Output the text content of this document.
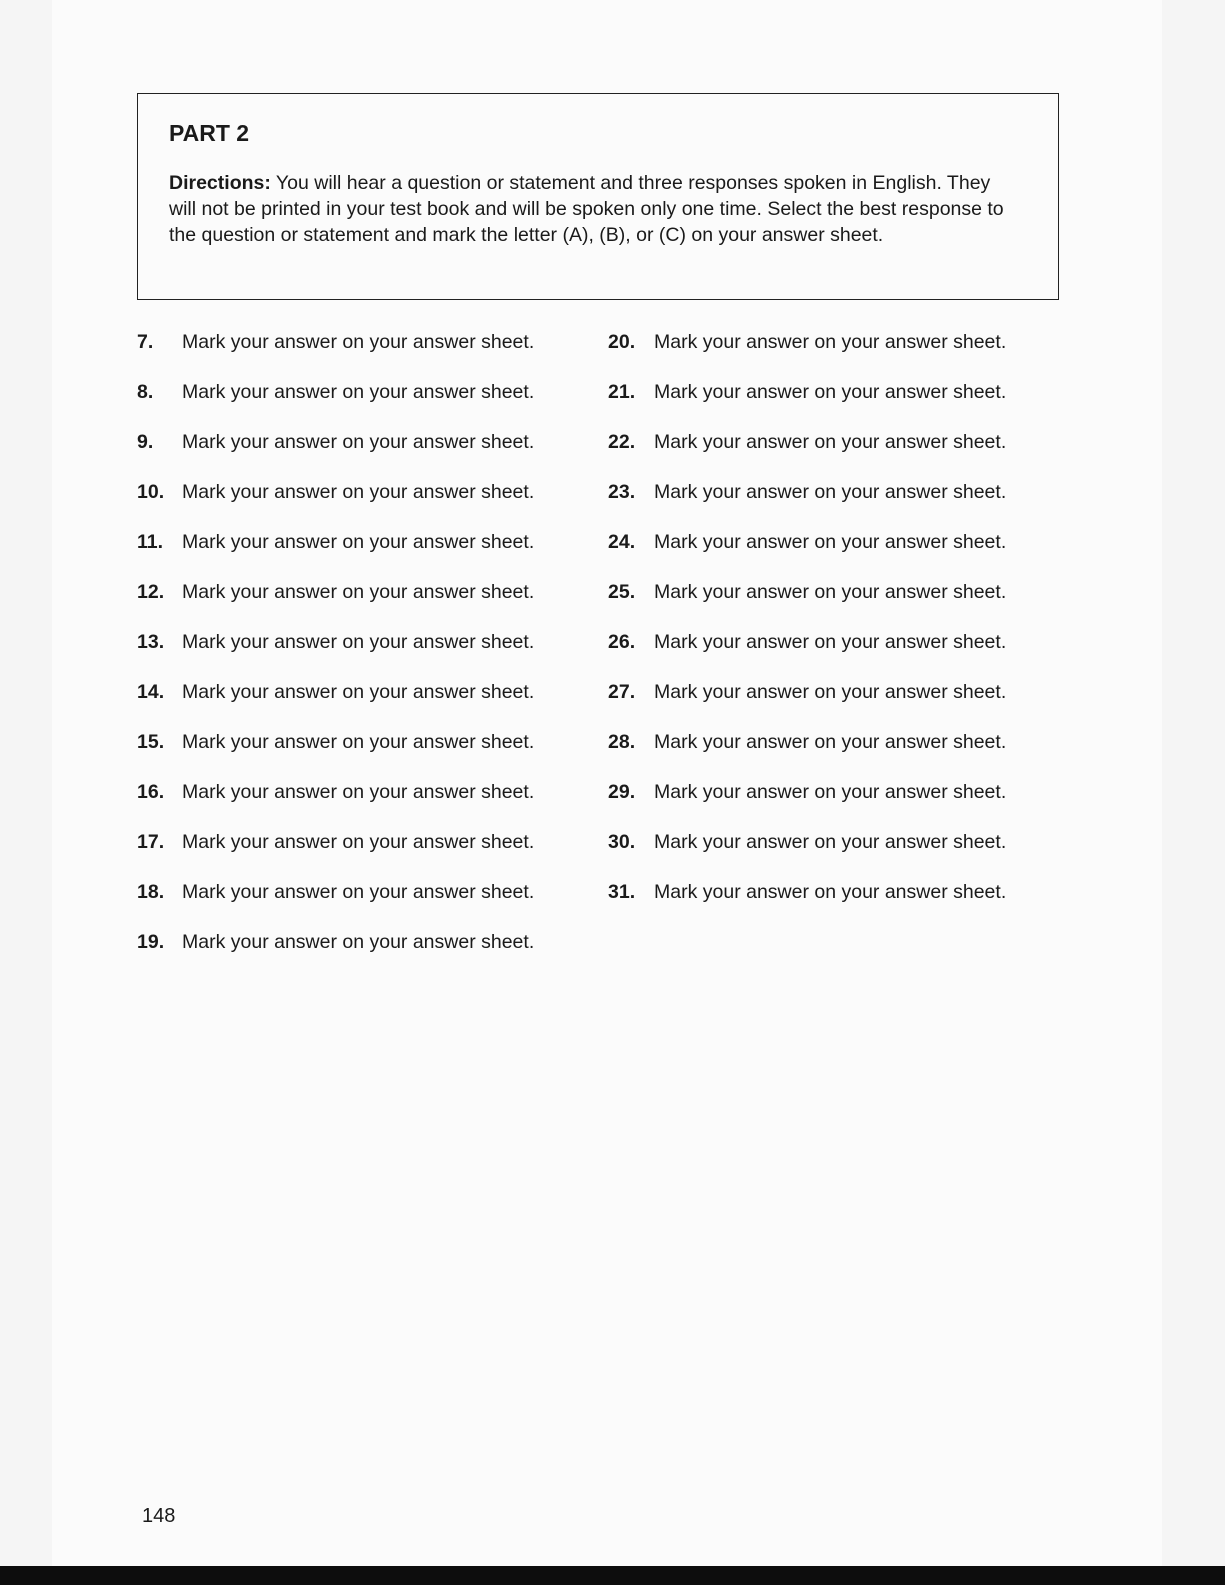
PART 2

Directions: You will hear a question or statement and three responses spoken in English. They will not be printed in your test book and will be spoken only one time. Select the best response to the question or statement and mark the letter (A), (B), or (C) on your answer sheet.

7. Mark your answer on your answer sheet.
8. Mark your answer on your answer sheet.
9. Mark your answer on your answer sheet.
10. Mark your answer on your answer sheet.
11. Mark your answer on your answer sheet.
12. Mark your answer on your answer sheet.
13. Mark your answer on your answer sheet.
14. Mark your answer on your answer sheet.
15. Mark your answer on your answer sheet.
16. Mark your answer on your answer sheet.
17. Mark your answer on your answer sheet.
18. Mark your answer on your answer sheet.
19. Mark your answer on your answer sheet.
20. Mark your answer on your answer sheet.
21. Mark your answer on your answer sheet.
22. Mark your answer on your answer sheet.
23. Mark your answer on your answer sheet.
24. Mark your answer on your answer sheet.
25. Mark your answer on your answer sheet.
26. Mark your answer on your answer sheet.
27. Mark your answer on your answer sheet.
28. Mark your answer on your answer sheet.
29. Mark your answer on your answer sheet.
30. Mark your answer on your answer sheet.
31. Mark your answer on your answer sheet.
148
